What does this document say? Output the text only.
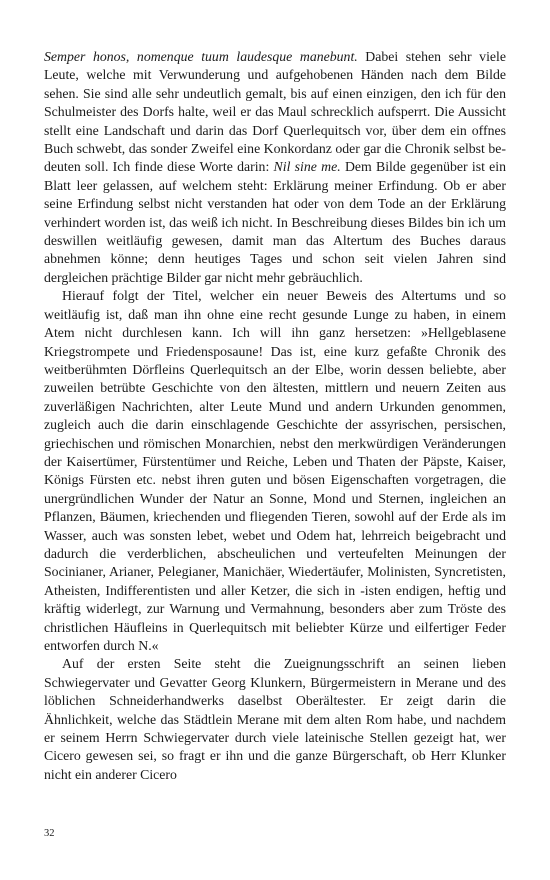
Semper honos, nomenque tuum laudesque manebunt. Dabei stehen sehr viele Leute, welche mit Verwunderung und aufgehobenen Händen nach dem Bilde sehen. Sie sind alle sehr undeutlich gemalt, bis auf einen einzigen, den ich für den Schulmeister des Dorfs halte, weil er das Maul schrecklich aufsperrt. Die Aussicht stellt eine Landschaft und darin das Dorf Querlequitsch vor, über dem ein offnes Buch schwebt, das sonder Zweifel eine Konkordanz oder gar die Chronik selbst bedeuten soll. Ich finde diese Worte darin: Nil sine me. Dem Bilde gegenüber ist ein Blatt leer gelassen, auf welchem steht: Erklärung meiner Erfindung. Ob er aber seine Erfindung selbst nicht verstanden hat oder von dem Tode an der Erklärung verhindert worden ist, das weiß ich nicht. In Beschreibung dieses Bildes bin ich um deswillen weitläufig gewesen, damit man das Altertum des Buches daraus abnehmen könne; denn heutiges Tages und schon seit vielen Jahren sind dergleichen prächtige Bilder gar nicht mehr gebräuchlich.

Hierauf folgt der Titel, welcher ein neuer Beweis des Altertums und so weitläufig ist, daß man ihn ohne eine recht gesunde Lunge zu haben, in einem Atem nicht durchlesen kann. Ich will ihn ganz hersetzen: »Hellgeblasene Kriegstrompete und Friedensposaune! Das ist, eine kurz gefaßte Chronik des weitberühmten Dörfleins Querlequitsch an der Elbe, worin dessen beliebte, aber zuweilen betrübte Geschichte von den ältesten, mittlern und neuern Zeiten aus zuverläßigen Nachrichten, alter Leute Mund und andern Urkunden genommen, zugleich auch die darin einschlagende Geschichte der assyrischen, persischen, griechischen und römischen Monarchien, nebst den merkwürdigen Veränderungen der Kaisertümer, Fürstentümer und Reiche, Leben und Thaten der Päpste, Kaiser, Königs Fürsten etc. nebst ihren guten und bösen Eigenschaften vorgetragen, die unergründlichen Wunder der Natur an Sonne, Mond und Sternen, ingleichen an Pflanzen, Bäumen, kriechenden und fliegenden Tieren, sowohl auf der Erde als im Wasser, auch was sonsten lebet, webet und Odem hat, lehrreich beigebracht und dadurch die verderblichen, abscheulichen und verteufelten Meinungen der Socinianer, Arianer, Pelegianer, Manichäer, Wiedertäufer, Molinisten, Syncretisten, Atheisten, Indifferentisten und aller Ketzer, die sich in -isten endigen, heftig und kräftig widerlegt, zur Warnung und Vermahnung, besonders aber zum Tröste des christlichen Häufleins in Querlequitsch mit beliebter Kürze und eilfertiger Feder entworfen durch N.«

Auf der ersten Seite steht die Zueignungsschrift an seinen lieben Schwiegervater und Gevatter Georg Klunkern, Bürgermeistern in Merane und des löblichen Schneiderhandwerks daselbst Oberältester. Er zeigt darin die Ähnlichkeit, welche das Städtlein Merane mit dem alten Rom habe, und nachdem er seinem Herrn Schwiegervater durch viele lateinische Stellen gezeigt hat, wer Cicero gewesen sei, so fragt er ihn und die ganze Bürgerschaft, ob Herr Klunker nicht ein anderer Cicero

32
